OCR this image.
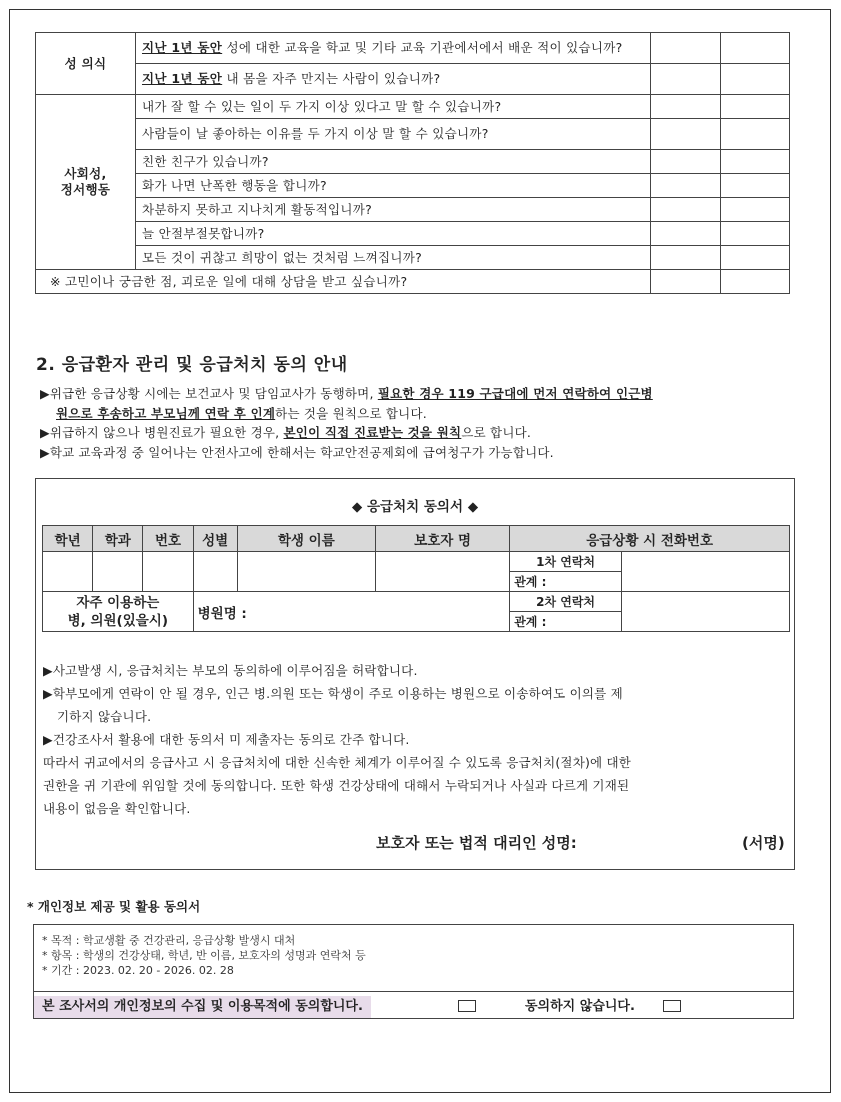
성 의식	지난 1년 동안 성에 대한 교육을 학교 및 기타 교육 기관에서에서 배운 적이 있습니까?		
	지난 1년 동안 내 몸을 자주 만지는 사람이 있습니까?		
사회성,
정서행동	내가 잘 할 수 있는 일이 두 가지 이상 있다고 말 할 수 있습니까?		
	사람들이 날 좋아하는 이유를 두 가지 이상 말 할 수 있습니까?		
	친한 친구가 있습니까?		
	화가 나면 난폭한 행동을 합니까?		
	차분하지 못하고 지나치게 활동적입니까?		
	늘 안절부절못합니까?		
	모든 것이 귀찮고 희망이 없는 것처럼 느껴집니까?		
※ 고민이나 궁금한 점, 괴로운 일에 대해 상담을 받고 싶습니까?			
2. 응급환자 관리 및 응급처치 동의 안내

▶위급한 응급상황 시에는 보건교사 및 담임교사가 동행하며, 필요한 경우 119 구급대에 먼저 연락하여 인근병

원으로 후송하고 부모님께 연락 후 인계하는 것을 원칙으로 합니다.

▶위급하지 않으나 병원진료가 필요한 경우, 본인이 직접 진료받는 것을 원칙으로 합니다.

▶학교 교육과정 중 일어나는 안전사고에 한해서는 학교안전공제회에 급여청구가 가능합니다.

◆ 응급처치 동의서 ◆
학년	학과	번호	성별	학생 이름	보호자 명	응급상황 시 전화번호	
						1차 연락처	
						관계 :	
자주 이용하는
병, 의원(있을시)			병원명 :			2차 연락처	
						관계 :	

▶사고발생 시, 응급처치는 부모의 동의하에 이루어짐을 허락합니다.

▶학부모에게 연락이 안 될 경우, 인근 병.의원 또는 학생이 주로 이용하는 병원으로 이송하여도 이의를 제

기하지 않습니다.

▶건강조사서 활용에 대한 동의서 미 제출자는 동의로 간주 합니다.

따라서 귀교에서의 응급사고 시 응급처치에 대한 신속한 체계가 이루어질 수 있도록 응급처치(절차)에 대한

권한을 귀 기관에 위임할 것에 동의합니다. 또한 학생 건강상태에 대해서 누락되거나 사실과 다르게 기재된

내용이 없음을 확인합니다.

보호자 또는 법적 대리인 성명:	(서명)
* 개인정보 제공 및 활용 동의서

* 목적 : 학교생활 중 건강관리, 응급상황 발생시 대처

* 항목 : 학생의 건강상태, 학년, 반 이름, 보호자의 성명과 연락처 등

* 기간 : 2023. 02. 20 - 2026. 02. 28

본 조사서의 개인정보의 수집 및 이용목적에 동의합니다.	동의하지 않습니다.
